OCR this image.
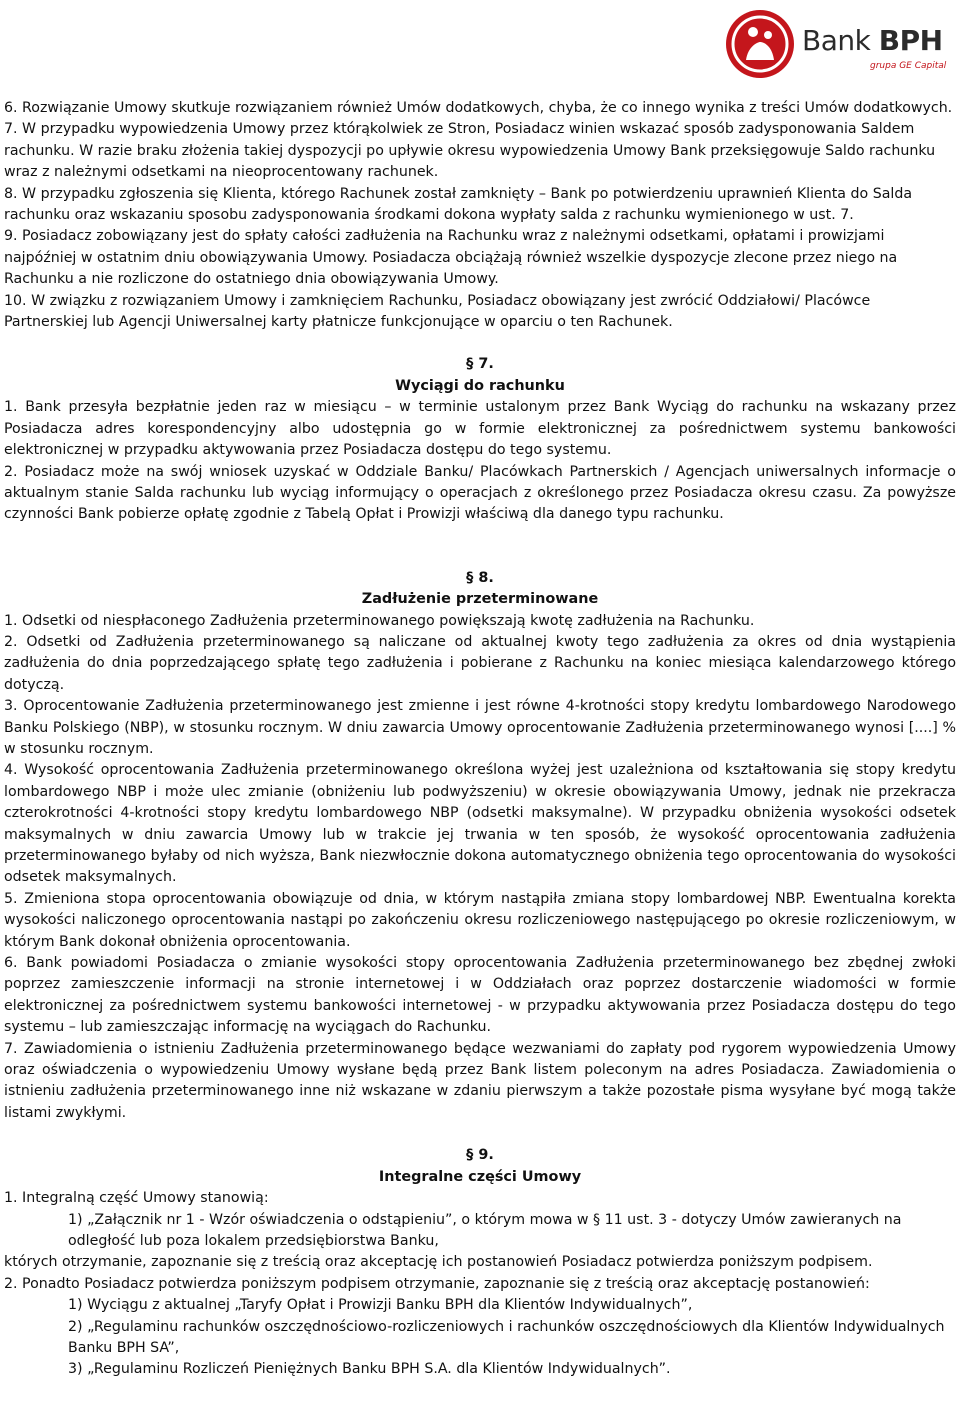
Bank BPH
grupa GE Capital

6. Rozwiązanie Umowy skutkuje rozwiązaniem również Umów dodatkowych, chyba, że co innego wynika z treści Umów dodatkowych.

7. W przypadku wypowiedzenia Umowy przez którąkolwiek ze Stron, Posiadacz winien wskazać sposób zadysponowania Saldem rachunku. W razie braku złożenia takiej dyspozycji po upływie okresu wypowiedzenia Umowy Bank przeksięgowuje Saldo rachunku wraz z należnymi odsetkami na nieoprocentowany rachunek.

8. W przypadku zgłoszenia się Klienta, którego Rachunek został zamknięty – Bank po potwierdzeniu uprawnień Klienta do Salda rachunku oraz wskazaniu sposobu zadysponowania środkami dokona wypłaty salda z rachunku wymienionego w ust. 7.

9. Posiadacz zobowiązany jest do spłaty całości zadłużenia na Rachunku wraz z należnymi odsetkami, opłatami i prowizjami najpóźniej w ostatnim dniu obowiązywania Umowy. Posiadacza obciążają również wszelkie dyspozycje zlecone przez niego na Rachunku a nie rozliczone do ostatniego dnia obowiązywania Umowy.

10. W związku z rozwiązaniem Umowy i zamknięciem Rachunku, Posiadacz obowiązany jest zwrócić Oddziałowi/ Placówce Partnerskiej lub Agencji Uniwersalnej karty płatnicze funkcjonujące w oparciu o ten Rachunek.

§ 7.

Wyciągi do rachunku

1. Bank przesyła bezpłatnie jeden raz w miesiącu – w terminie ustalonym przez Bank Wyciąg do rachunku na wskazany przez Posiadacza adres korespondencyjny albo udostępnia go w formie elektronicznej za pośrednictwem systemu bankowości elektronicznej w przypadku aktywowania przez Posiadacza dostępu do tego systemu.

2. Posiadacz może na swój wniosek uzyskać w Oddziale Banku/ Placówkach Partnerskich / Agencjach uniwersalnych informacje o aktualnym stanie Salda rachunku lub wyciąg informujący o operacjach z określonego przez Posiadacza okresu czasu. Za powyższe czynności Bank pobierze opłatę zgodnie z Tabelą Opłat i Prowizji właściwą dla danego typu rachunku.

§ 8.

Zadłużenie przeterminowane

1. Odsetki od niespłaconego Zadłużenia przeterminowanego powiększają kwotę zadłużenia na Rachunku.

2. Odsetki od Zadłużenia przeterminowanego są naliczane od aktualnej kwoty tego zadłużenia za okres od dnia wystąpienia zadłużenia do dnia poprzedzającego spłatę tego zadłużenia i pobierane z Rachunku na koniec miesiąca kalendarzowego którego dotyczą.

3. Oprocentowanie Zadłużenia przeterminowanego jest zmienne i jest równe 4-krotności stopy kredytu lombardowego Narodowego Banku Polskiego (NBP), w stosunku rocznym. W dniu zawarcia Umowy oprocentowanie Zadłużenia przeterminowanego wynosi [....] % w stosunku rocznym.

4. Wysokość oprocentowania Zadłużenia przeterminowanego określona wyżej jest uzależniona od kształtowania się stopy kredytu lombardowego NBP i może ulec zmianie (obniżeniu lub podwyższeniu) w okresie obowiązywania Umowy, jednak nie przekracza czterokrotności 4-krotności stopy kredytu lombardowego NBP (odsetki maksymalne). W przypadku obniżenia wysokości odsetek maksymalnych w dniu zawarcia Umowy lub w trakcie jej trwania w ten sposób, że wysokość oprocentowania zadłużenia przeterminowanego byłaby od nich wyższa, Bank niezwłocznie dokona automatycznego obniżenia tego oprocentowania do wysokości odsetek maksymalnych.

5. Zmieniona stopa oprocentowania obowiązuje od dnia, w którym nastąpiła zmiana stopy lombardowej NBP. Ewentualna korekta wysokości naliczonego oprocentowania nastąpi po zakończeniu okresu rozliczeniowego następującego po okresie rozliczeniowym, w którym Bank dokonał obniżenia oprocentowania.

6. Bank powiadomi Posiadacza o zmianie wysokości stopy oprocentowania Zadłużenia przeterminowanego bez zbędnej zwłoki poprzez zamieszczenie informacji na stronie internetowej i w Oddziałach oraz poprzez dostarczenie wiadomości w formie elektronicznej za pośrednictwem systemu bankowości internetowej - w przypadku aktywowania przez Posiadacza dostępu do tego systemu – lub zamieszczając informację na wyciągach do Rachunku.

7. Zawiadomienia o istnieniu Zadłużenia przeterminowanego będące wezwaniami do zapłaty pod rygorem wypowiedzenia Umowy oraz oświadczenia o wypowiedzeniu Umowy wysłane będą przez Bank listem poleconym na adres Posiadacza. Zawiadomienia o istnieniu zadłużenia przeterminowanego inne niż wskazane w zdaniu pierwszym a także pozostałe pisma wysyłane być mogą także listami zwykłymi.

§ 9.

Integralne części Umowy

1. Integralną część Umowy stanowią:

1) „Załącznik nr 1 - Wzór oświadczenia o odstąpieniu”, o którym mowa w § 11 ust. 3 - dotyczy Umów zawieranych na odległość lub poza lokalem przedsiębiorstwa Banku,

których otrzymanie, zapoznanie się z treścią oraz akceptację ich postanowień Posiadacz potwierdza poniższym podpisem.

2. Ponadto Posiadacz potwierdza poniższym podpisem otrzymanie, zapoznanie się z treścią oraz akceptację postanowień:

1) Wyciągu z aktualnej „Taryfy Opłat i Prowizji Banku BPH dla Klientów Indywidualnych”,

2) „Regulaminu rachunków oszczędnościowo-rozliczeniowych i rachunków oszczędnościowych dla Klientów Indywidualnych Banku BPH SA”,

3) „Regulaminu Rozliczeń Pieniężnych Banku BPH S.A. dla Klientów Indywidualnych”.
